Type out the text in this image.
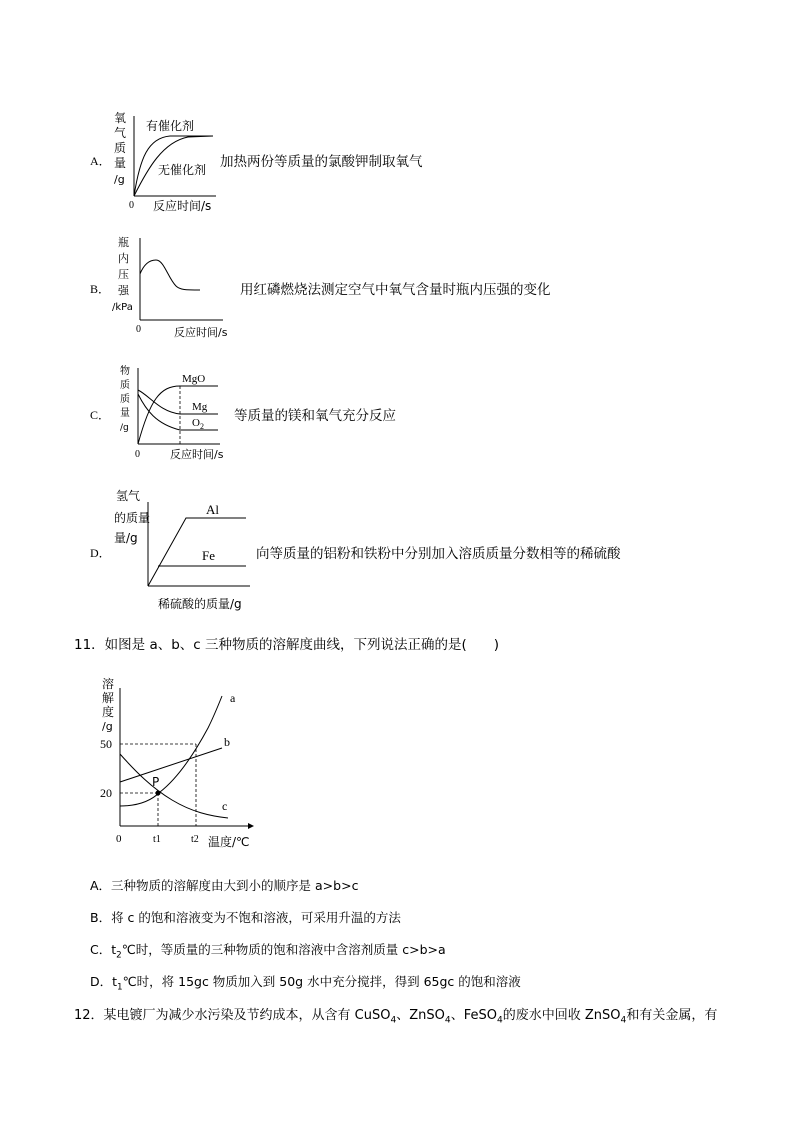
A．
氧
气
质
量
/g
有催化剂
无催化剂
0 反应时间/s
加热两份等质量的氯酸钾制取氧气
B．
瓶
内
压
强
/kPa
0	反应时间/s
用红磷燃烧法测定空气中氧气含量时瓶内压强的变化
C．
物
质
质
量
/g
MgO
Mg
$O_2$
0	反应时间/s
等质量的镁和氧气充分反应
D．
氢气
的质量
量/g
Al
Fe
稀硫酸的质量/g
向等质量的铝粉和铁粉中分别加入溶质质量分数相等的稀硫酸
11．如图是 a、b、c 三种物质的溶解度曲线，下列说法正确的是(　　)
溶
解
度
/g
P
a
b
c
50
20
0	t1	t2 温度/℃
A．三种物质的溶解度由大到小的顺序是 a>b>c
B．将 c 的饱和溶液变为不饱和溶液，可采用升温的方法
C．$t_2℃$时，等质量的三种物质的饱和溶液中含溶剂质量 c>b>a
D．$t_1℃$时，将 15gc 物质加入到 50g 水中充分搅拌，得到 65gc 的饱和溶液
12．某电镀厂为减少水污染及节约成本，从含有 CuSO$_4$、ZnSO$_4$、FeSO$_4$的废水中回收 ZnSO$_4$和有关金属，有
